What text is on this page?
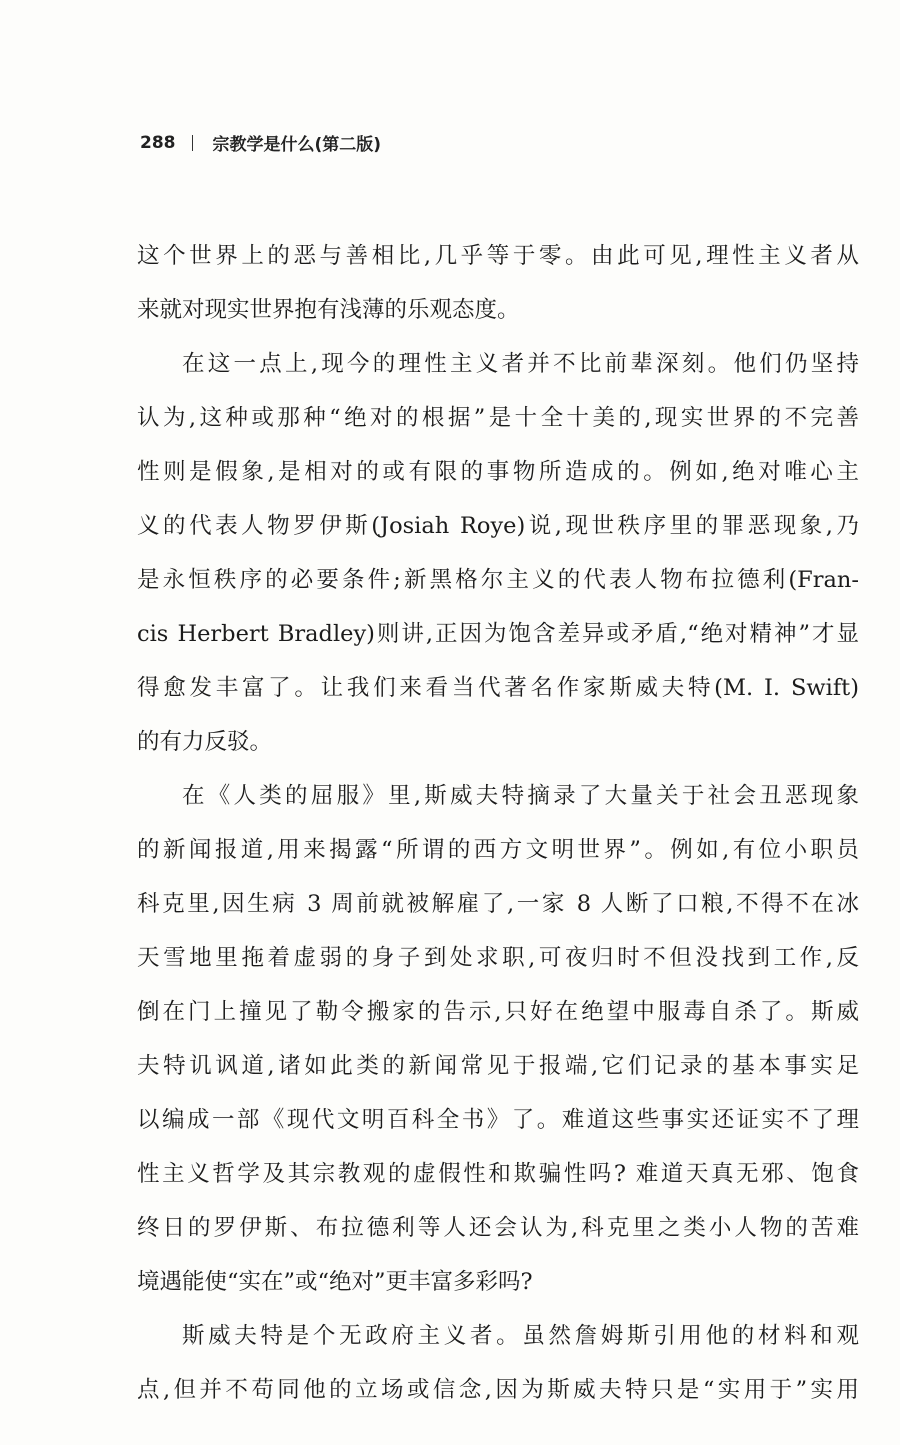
288 宗教学是什么(第二版)
这个世界上的恶与善相比,几乎等于零。由此可见,理性主义者从
来就对现实世界抱有浅薄的乐观态度。
在这一点上,现今的理性主义者并不比前辈深刻。他们仍坚持
认为,这种或那种“绝对的根据”是十全十美的,现实世界的不完善
性则是假象,是相对的或有限的事物所造成的。例如,绝对唯心主
义的代表人物罗伊斯(Josiah Roye)说,现世秩序里的罪恶现象,乃
是永恒秩序的必要条件;新黑格尔主义的代表人物布拉德利(Fran-
cis Herbert Bradley)则讲,正因为饱含差异或矛盾,“绝对精神”才显
得愈发丰富了。让我们来看当代著名作家斯威夫特(M. I. Swift)
的有力反驳。
在《人类的屈服》里,斯威夫特摘录了大量关于社会丑恶现象
的新闻报道,用来揭露“所谓的西方文明世界”。例如,有位小职员
科克里,因生病 3 周前就被解雇了,一家 8 人断了口粮,不得不在冰
天雪地里拖着虚弱的身子到处求职,可夜归时不但没找到工作,反
倒在门上撞见了勒令搬家的告示,只好在绝望中服毒自杀了。斯威
夫特讥讽道,诸如此类的新闻常见于报端,它们记录的基本事实足
以编成一部《现代文明百科全书》了。难道这些事实还证实不了理
性主义哲学及其宗教观的虚假性和欺骗性吗? 难道天真无邪、饱食
终日的罗伊斯、布拉德利等人还会认为,科克里之类小人物的苦难
境遇能使“实在”或“绝对”更丰富多彩吗?
斯威夫特是个无政府主义者。虽然詹姆斯引用他的材料和观
点,但并不苟同他的立场或信念,因为斯威夫特只是“实用于”实用
